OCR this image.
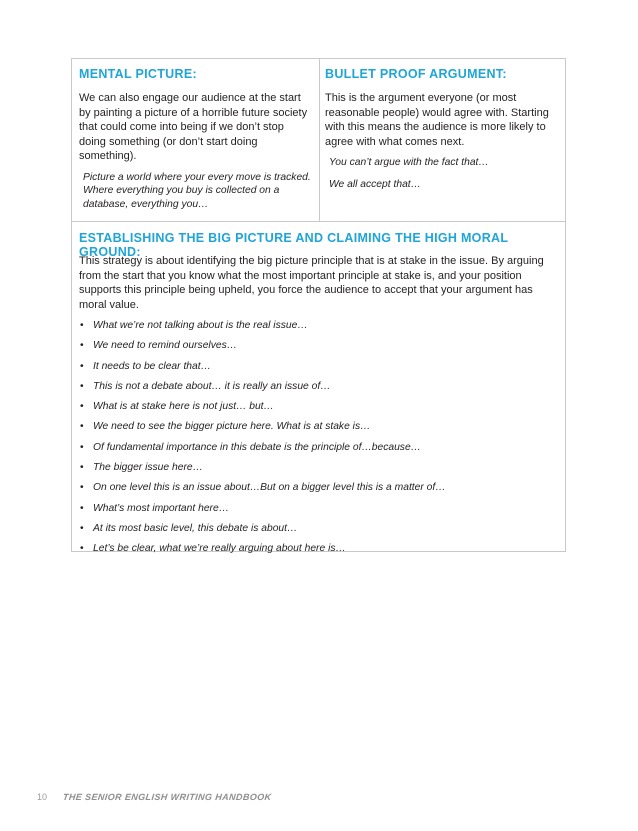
MENTAL PICTURE:

We can also engage our audience at the start by painting a picture of a horrible future society that could come into being if we don’t stop doing something (or don’t start doing something).

Picture a world where your every move is tracked. Where everything you buy is collected on a database, everything you…

BULLET PROOF ARGUMENT:

This is the argument everyone (or most reasonable people) would agree with. Starting with this means the audience is more likely to agree with what comes next.

You can’t argue with the fact that…

We all accept that…

ESTABLISHING THE BIG PICTURE AND CLAIMING THE HIGH MORAL GROUND:

This strategy is about identifying the big picture principle that is at stake in the issue. By arguing from the start that you know what the most important principle at stake is, and your position supports this principle being upheld, you force the audience to accept that your argument has moral value.

• What we’re not talking about is the real issue…
• We need to remind ourselves…
• It needs to be clear that…
• This is not a debate about… it is really an issue of…
• What is at stake here is not just… but…
• We need to see the bigger picture here. What is at stake is…
• Of fundamental importance in this debate is the principle of…because…
• The bigger issue here…
• On one level this is an issue about…But on a bigger level this is a matter of…
• What’s most important here…
• At its most basic level, this debate is about…
• Let’s be clear, what we’re really arguing about here is…
10 THE SENIOR ENGLISH WRITING HANDBOOK
